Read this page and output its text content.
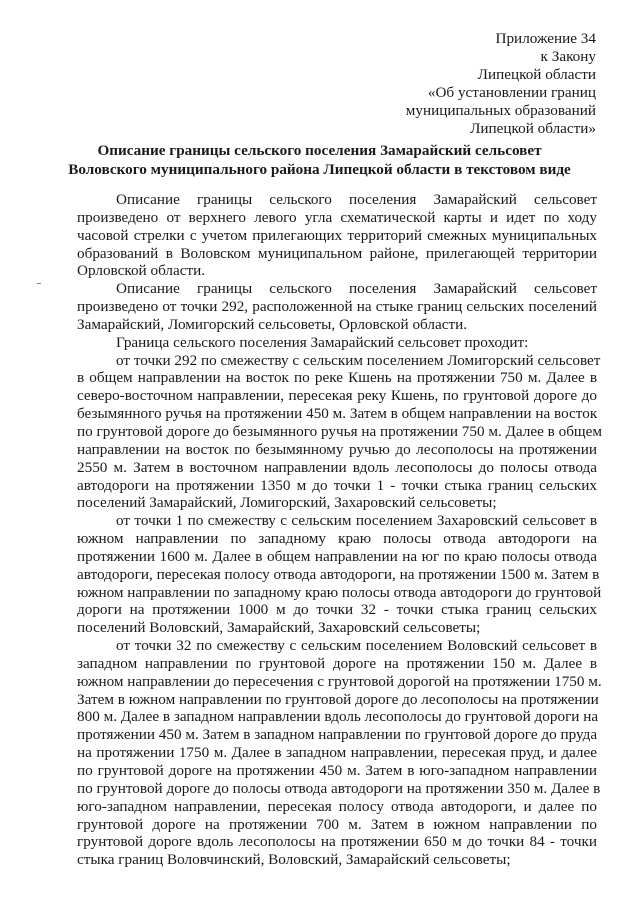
Приложение 34
к Закону
Липецкой области
«Об установлении границ
муниципальных образований
Липецкой области»
Описание границы сельского поселения Замарайский сельсовет
Воловского муниципального района Липецкой области в текстовом виде
Описание границы сельского поселения Замарайский сельсовет
произведено от верхнего левого угла схематической карты и идет по ходу
часовой стрелки с учетом прилегающих территорий смежных муниципальных
образований в Воловском муниципальном районе, прилегающей территории
Орловской области.
Описание границы сельского поселения Замарайский сельсовет
произведено от точки 292, расположенной на стыке границ сельских поселений
Замарайский, Ломигорский сельсоветы, Орловской области.
Граница сельского поселения Замарайский сельсовет проходит:
от точки 292 по смежеству с сельским поселением Ломигорский сельсовет
в общем направлении на восток по реке Кшень на протяжении 750 м. Далее в
северо-восточном направлении, пересекая реку Кшень, по грунтовой дороге до
безымянного ручья на протяжении 450 м. Затем в общем направлении на восток
по грунтовой дороге до безымянного ручья на протяжении 750 м. Далее в общем
направлении на восток по безымянному ручью до лесополосы на протяжении
2550 м. Затем в восточном направлении вдоль лесополосы до полосы отвода
автодороги на протяжении 1350 м до точки 1 - точки стыка границ сельских
поселений Замарайский, Ломигорский, Захаровский сельсоветы;
от точки 1 по смежеству с сельским поселением Захаровский сельсовет в
южном направлении по западному краю полосы отвода автодороги на
протяжении 1600 м. Далее в общем направлении на юг по краю полосы отвода
автодороги, пересекая полосу отвода автодороги, на протяжении 1500 м. Затем в
южном направлении по западному краю полосы отвода автодороги до грунтовой
дороги на протяжении 1000 м до точки 32 - точки стыка границ сельских
поселений Воловский, Замарайский, Захаровский сельсоветы;
от точки 32 по смежеству с сельским поселением Воловский сельсовет в
западном направлении по грунтовой дороге на протяжении 150 м. Далее в
южном направлении до пересечения с грунтовой дорогой на протяжении 1750 м.
Затем в южном направлении по грунтовой дороге до лесополосы на протяжении
800 м. Далее в западном направлении вдоль лесополосы до грунтовой дороги на
протяжении 450 м. Затем в западном направлении по грунтовой дороге до пруда
на протяжении 1750 м. Далее в западном направлении, пересекая пруд, и далее
по грунтовой дороге на протяжении 450 м. Затем в юго-западном направлении
по грунтовой дороге до полосы отвода автодороги на протяжении 350 м. Далее в
юго-западном направлении, пересекая полосу отвода автодороги, и далее по
грунтовой дороге на протяжении 700 м. Затем в южном направлении по
грунтовой дороге вдоль лесополосы на протяжении 650 м до точки 84 - точки
стыка границ Воловчинский, Воловский, Замарайский сельсоветы;
